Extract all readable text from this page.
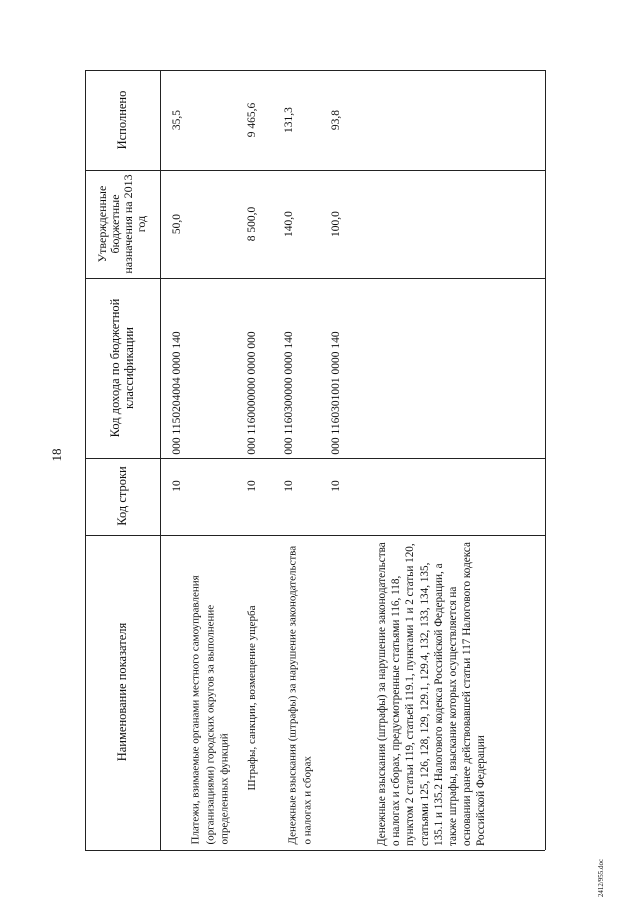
18
Наименование показателя
Код строки
Код дохода по бюджетной классификации
Утвержденные бюджетные назначения на 2013 год
Исполнено
Платежи, взимаемые органами местного самоуправления (организациями) городских округов за выполнение определенных функций
10
000 1150204004 0000 140
50,0
35,5
Штрафы, санкции, возмещение ущерба
10
000 1160000000 0000 000
8 500,0
9 465,6
Денежные взыскания (штрафы) за нарушение законодательства о налогах и сборах
10
000 1160300000 0000 140
140,0
131,3
Денежные взыскания (штрафы) за нарушение законодательства о налогах и сборах, предусмотренные статьями 116, 118, пунктом 2 статьи 119, статьей 119.1, пунктами 1 и 2 статьи 120, статьями 125, 126, 128, 129, 129.1, 129.4, 132, 133, 134, 135, 135.1 и 135.2 Налогового кодекса Российской Федерации, а также штрафы, взыскание которых осуществляется на основании ранее действовавшей статьи 117 Налогового кодекса Российской Федерации
10
000 1160301001 0000 140
100,0
93,8
2412/955.doc
